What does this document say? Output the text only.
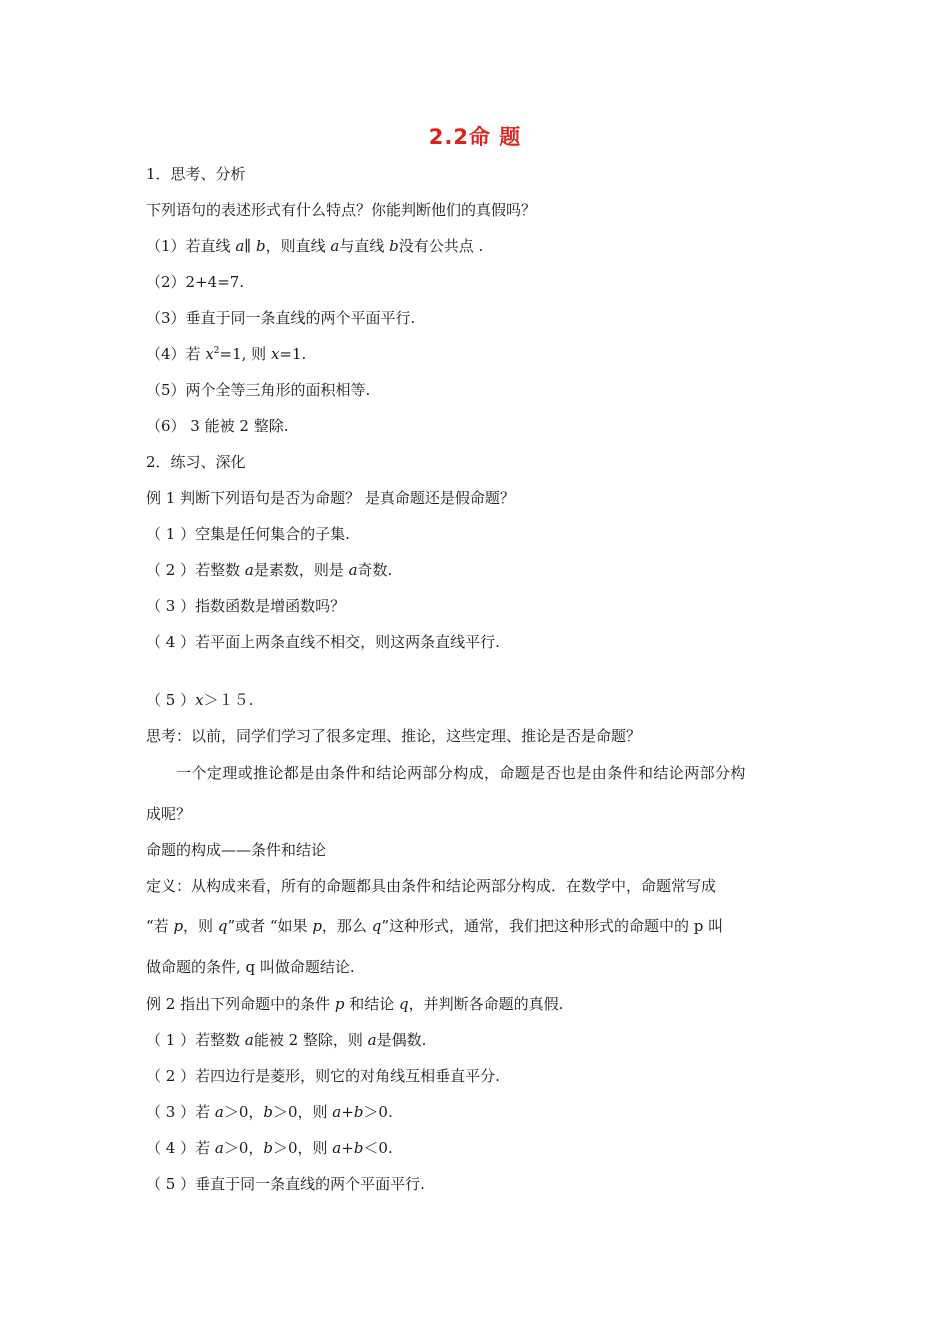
2.2命 题
1．思考、分析
下列语句的表述形式有什么特点？你能判断他们的真假吗？
（1）若直线 a∥ b，则直线 a与直线 b没有公共点 .
（2）2+4=7.
（3）垂直于同一条直线的两个平面平行.
（4）若 $x^2=1$, 则 x=1.
（5）两个全等三角形的面积相等.
（6） 3 能被 2 整除.
2．练习、深化
例 1 判断下列语句是否为命题？ 是真命题还是假命题？
（ 1 ）空集是任何集合的子集.
（ 2 ）若整数 a是素数，则是 a奇数.
（ 3 ）指数函数是增函数吗？
（ 4 ）若平面上两条直线不相交，则这两条直线平行.
（ 5 ）x＞１５.
思考：以前，同学们学习了很多定理、推论，这些定理、推论是否是命题？
一个定理或推论都是由条件和结论两部分构成，命题是否也是由条件和结论两部分构
成呢？
命题的构成——条件和结论
定义：从构成来看，所有的命题都具由条件和结论两部分构成．在数学中，命题常写成
“若 p，则 q”或者 “如果 p，那么 q”这种形式，通常，我们把这种形式的命题中的 p 叫
做命题的条件, q 叫做命题结论.
例 2 指出下列命题中的条件 p 和结论 q，并判断各命题的真假.
（ 1 ）若整数 a能被 2 整除，则 a是偶数.
（ 2 ）若四边行是菱形，则它的对角线互相垂直平分.
（ 3 ）若 a＞0，b＞0，则 a+b＞0.
（ 4 ）若 a＞0，b＞0，则 a+b＜0.
（ 5 ）垂直于同一条直线的两个平面平行.
